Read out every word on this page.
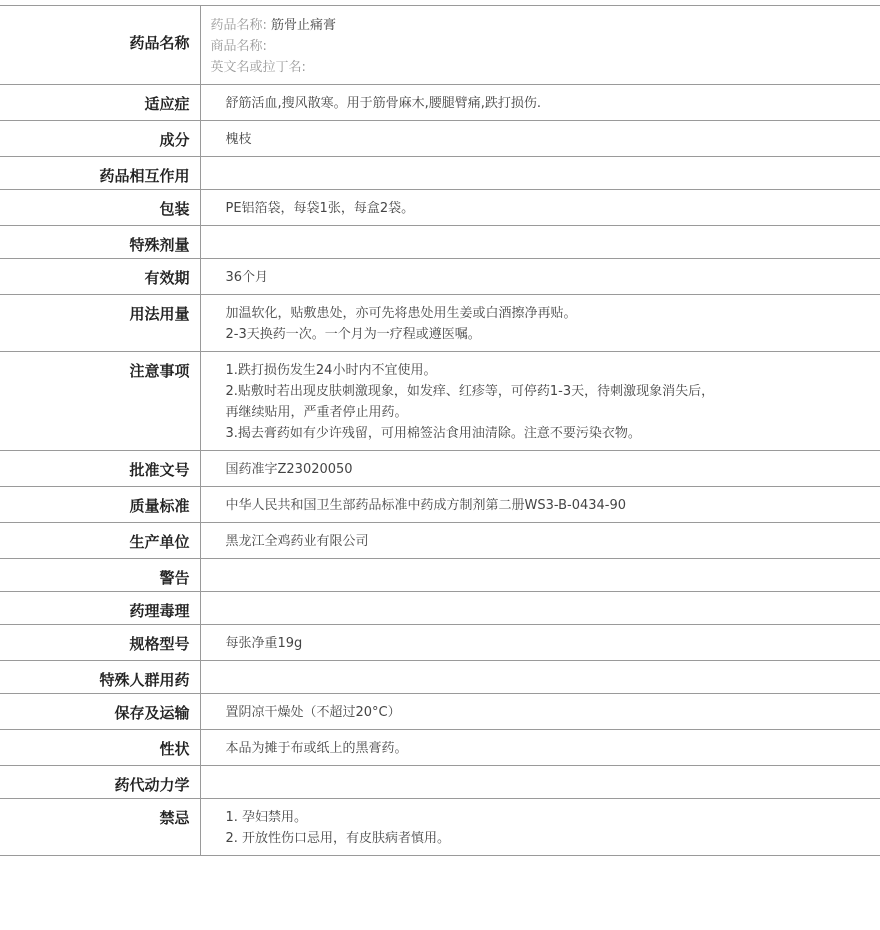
药品名称	药品名称: 筋骨止痛膏
商品名称:
英文名或拉丁名:

适应症	舒筋活血,搜风散寒。用于筋骨麻木,腰腿臂痛,跌打损伤.

成分	槐枝

药品相互作用	
包装	PE铝箔袋，每袋1张，每盒2袋。

特殊剂量	
有效期	36个月

用法用量	加温软化，贴敷患处，亦可先将患处用生姜或白酒擦净再贴。
2-3天换药一次。一个月为一疗程或遵医嘱。

注意事项	1.跌打损伤发生24小时内不宜使用。
2.贴敷时若出现皮肤刺激现象，如发痒、红疹等，可停药1-3天，待刺激现象消失后，
再继续贴用，严重者停止用药。
3.揭去膏药如有少许残留，可用棉签沾食用油清除。注意不要污染衣物。

批准文号	国药准字Z23020050

质量标准	中华人民共和国卫生部药品标准中药成方制剂第二册WS3-B-0434-90

生产单位	黑龙江全鸡药业有限公司

警告	
药理毒理	
规格型号	每张净重19g

特殊人群用药	
保存及运输	置阴凉干燥处（不超过20°C）

性状	本品为摊于布或纸上的黑膏药。

药代动力学	
禁忌	1. 孕妇禁用。
2. 开放性伤口忌用，有皮肤病者慎用。
